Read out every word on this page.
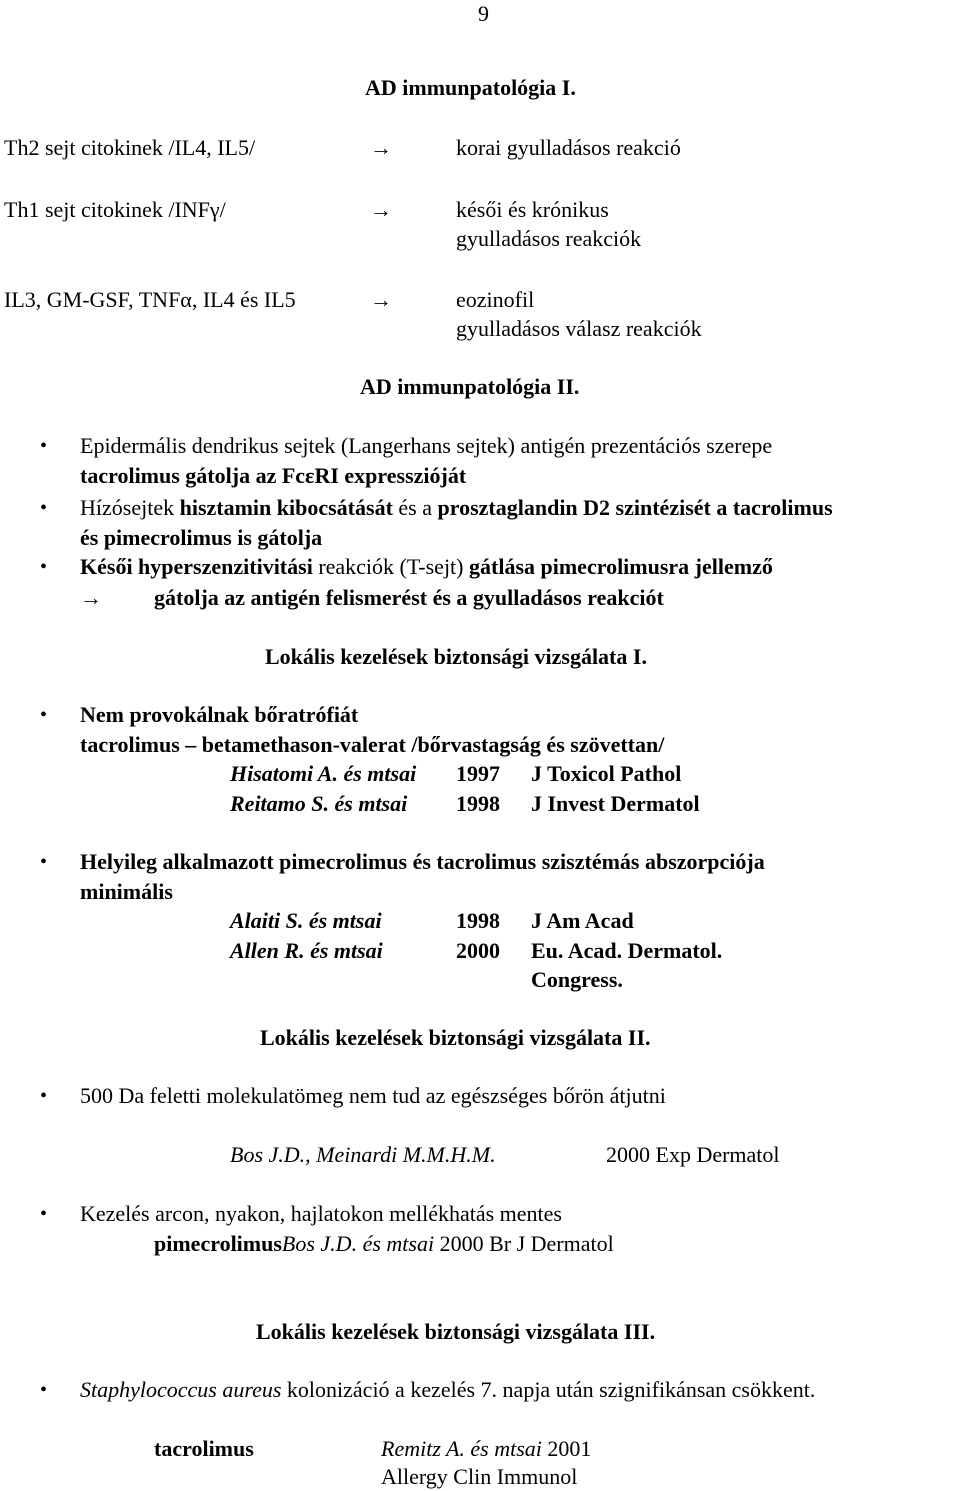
9
AD immunpatológia I.
Th2 sejt citokinek /IL4, IL5/	→	korai gyulladásos reakció
Th1 sejt citokinek /INFγ/	→	késői és krónikus
gyulladásos reakciók
IL3, GM-GSF, TNFα, IL4 és IL5	→	eozinofil
gyulladásos válasz reakciók
AD immunpatológia II.
• Epidermális dendrikus sejtek (Langerhans sejtek) antigén prezentációs szerepe
tacrolimus gátolja az FcεRI expresszióját
• Hízósejtek hisztamin kibocsátását és a prosztaglandin D2 szintézisét a tacrolimus
és pimecrolimus is gátolja
• Késői hyperszenzitivitási reakciók (T-sejt) gátlása pimecrolimusra jellemző
→ gátolja az antigén felismerést és a gyulladásos reakciót
Lokális kezelések biztonsági vizsgálata I.
• Nem provokálnak bőratrófiát
tacrolimus – betamethason-valerat /bőrvastagság és szövettan/
Hisatomi A. és mtsai 1997 J Toxicol Pathol
Reitamo S. és mtsai 1998 J Invest Dermatol
• Helyileg alkalmazott pimecrolimus és tacrolimus szisztémás abszorpciója
minimális
Alaiti S. és mtsai	1998 J Am Acad
Allen R. és mtsai	2000 Eu. Acad. Dermatol.
Congress.
Lokális kezelések biztonsági vizsgálata II.
• 500 Da feletti molekulatömeg nem tud az egészséges bőrön átjutni
Bos J.D., Meinardi M.M.H.M.	2000 Exp Dermatol
• Kezelés arcon, nyakon, hajlatokon mellékhatás mentes
pimecrolimusBos J.D. és mtsai 2000 Br J Dermatol
Lokális kezelések biztonsági vizsgálata III.
• Staphylococcus aureus kolonizáció a kezelés 7. napja után szignifikánsan csökkent.
tacrolimus	Remitz A. és mtsai 2001
Allergy Clin Immunol
